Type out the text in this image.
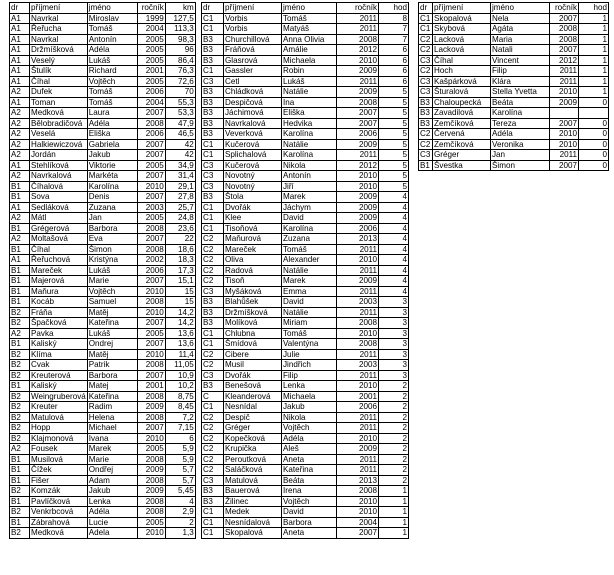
dr	příjmení	jméno	ročník	km
A1	Navrkal	Miroslav	1999	127,5
A1	Řeřucha	Tomáš	2004	113,3
A1	Navrkal	Antonín	2005	98,3
A1	Držmíšková	Adéla	2005	96
A1	Veselý	Lukáš	2005	86,4
A1	Štulík	Richard	2001	76,3
A1	Číhal	Vojtěch	2005	72,6
A2	Dufek	Tomáš	2006	70
A1	Toman	Tomáš	2004	55,3
A2	Medková	Laura	2007	53,3
A2	Bělobradičová	Adéla	2008	47,9
A2	Veselá	Eliška	2006	46,5
A2	Halkiewiczová	Gabriela	2007	42
A2	Jordán	Jakub	2007	42
A1	Stehlíková	Viktorie	2005	34,9
A2	Navrkalová	Markéta	2007	31,4
B1	Číhalová	Karolína	2010	29,1
B1	Sova	Denis	2007	27,8
A1	Sedláková	Zuzana	2003	25,7
A2	Mátl	Jan	2005	24,8
B1	Grégerová	Barbora	2008	23,6
A2	Moltašová	Eva	2007	22
B1	Číhal	Šimon	2008	18,6
A1	Řeřuchová	Kristýna	2002	18,3
B1	Mareček	Lukáš	2006	17,3
B1	Majerová	Marie	2007	15,1
B1	Maňura	Vojtěch	2010	15
B1	Kocáb	Samuel	2008	15
B2	Fráňa	Matěj	2010	14,2
B2	Špačková	Kateřina	2007	14,2
A2	Pavka	Lukáš	2005	13,6
B1	Kaliský	Ondrej	2007	13,6
B2	Klíma	Matěj	2010	11,4
B2	Cvak	Patrik	2008	11,05
B2	Kreuterová	Barbora	2007	10,9
B1	Kaliský	Matej	2001	10,2
B2	Weingruberová	Kateřina	2008	8,75
B2	Kreuter	Radim	2009	8,45
B2	Matulová	Helena	2008	7,2
B2	Hopp	Michael	2007	7,15
B2	Klajmonová	Ivana	2010	6
A2	Fousek	Marek	2005	5,9
B1	Musilová	Marie	2008	5,9
B1	Čížek	Ondřej	2009	5,7
B1	Fišer	Adam	2008	5,7
B2	Komzák	Jakub	2009	5,45
B1	Pavlíčková	Lenka	2008	4
B2	Venkrbcová	Adéla	2008	2,9
B1	Zábrahová	Lucie	2005	2
B2	Medková	Adela	2010	1,3
dr	příjmení	jméno	ročník	hod
C1	Vorbis	Tomáš	2011	8
C1	Vorbis	Matyáš	2011	7
B3	Churchillová	Anna Olivia	2008	7
B3	Fráňová	Amálie	2012	6
B3	Glasrová	Michaela	2010	6
C1	Gassler	Robin	2009	6
C3	Cetl	Lukáš	2011	6
B3	Chládková	Natálie	2009	5
B3	Despičová	Ina	2008	5
B3	Jáchimová	Eliška	2007	5
B3	Navrkalová	Hedvika	2007	5
B3	Veverková	Karolína	2006	5
C1	Kučerová	Natálie	2009	5
C1	Splichalová	Karolína	2011	5
C3	Kučerová	Nikola	2012	5
C3	Novotný	Antonín	2010	5
C3	Novotný	Jiří	2010	5
B3	Štola	Marek	2009	4
C1	Dvořák	Jáchym	2009	4
C1	Klee	David	2009	4
C1	Tisoňová	Karolína	2006	4
C2	Maňurová	Zuzana	2013	4
C2	Mareček	Tomáš	2011	4
C2	Oliva	Alexander	2010	4
C2	Radová	Natálie	2011	4
C2	Tisoň	Marek	2009	4
C3	Myšáková	Emma	2011	4
B3	Blahůšek	David	2003	3
B3	Držmíšková	Natálie	2011	3
B3	Molíková	Miriam	2008	3
C1	Chlubna	Tomáš	2010	3
C1	Šmídová	Valentýna	2008	3
C2	Cibere	Julie	2011	3
C2	Musil	Jindřich	2003	3
C3	Dvořák	Filip	2011	3
B3	Benešová	Lenka	2010	2
C	Kleanderová	Michaela	2001	2
C1	Nesnídal	Jakub	2006	2
C2	Despič	Nikola	2011	2
C2	Gréger	Vojtěch	2011	2
C2	Kopečková	Adéla	2010	2
C2	Krupička	Aleš	2009	2
C2	Peroutková	Aneta	2011	2
C2	Saláčková	Kateřina	2011	2
C3	Matulová	Beáta	2013	2
B3	Bauerová	Irena	2008	1
B3	Žilinec	Vojtěch	2010	1
C1	Medek	David	2010	1
C1	Nesnídalová	Barbora	2004	1
C1	Skopalová	Aneta	2007	1
dr	příjmení	jméno	ročník	hod
C1	Skopalová	Nela	2007	1
C1	Skybová	Agáta	2008	1
C2	Lacková	Maria	2008	1
C2	Lacková	Natali	2007	1
C3	Číhal	Vincent	2012	1
C2	Hoch	Filip	2011	1
C3	Kašpárková	Klára	2011	1
C3	Šturalová	Stella Yvetta	2010	1
B3	Chaloupecká	Beáta	2009	0
B3	Zavadilová	Karolína		
B3	Zemčíková	Tereza	2007	0
C2	Červená	Adéla	2010	0
C2	Zemčíková	Veronika	2010	0
C3	Gréger	Jan	2011	0
B1	Švestka	Šimon	2007	0
